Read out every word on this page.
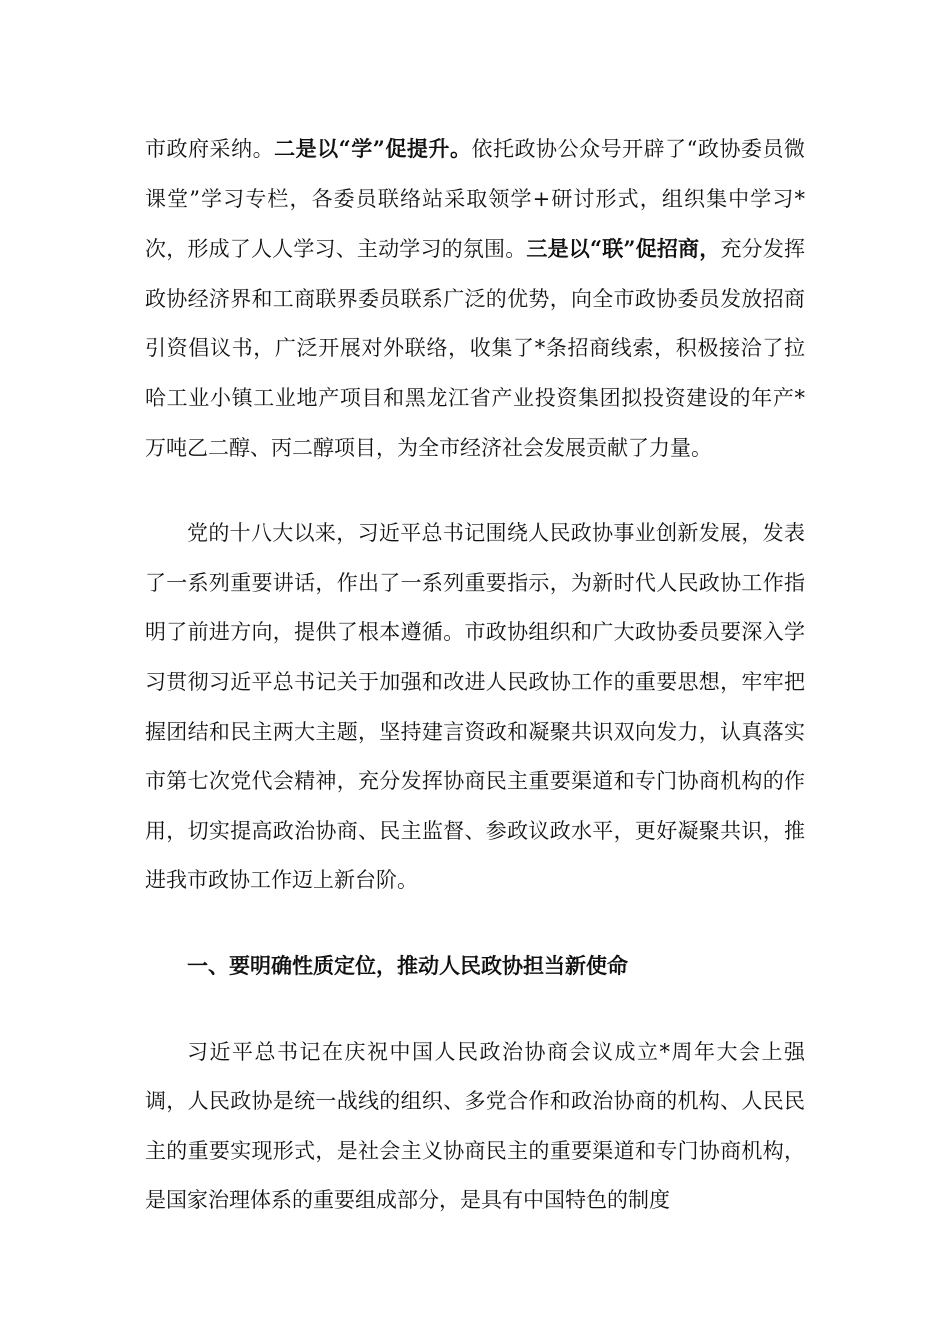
市政府采纳。二是以“学”促提升。依托政协公众号开辟了“政协委员微课堂”学习专栏，各委员联络站采取领学+研讨形式，组织集中学习*次，形成了人人学习、主动学习的氛围。三是以“联”促招商，充分发挥政协经济界和工商联界委员联系广泛的优势，向全市政协委员发放招商引资倡议书，广泛开展对外联络，收集了*条招商线索，积极接洽了拉哈工业小镇工业地产项目和黑龙江省产业投资集团拟投资建设的年产*万吨乙二醇、丙二醇项目，为全市经济社会发展贡献了力量。

党的十八大以来，习近平总书记围绕人民政协事业创新发展，发表了一系列重要讲话，作出了一系列重要指示，为新时代人民政协工作指明了前进方向，提供了根本遵循。市政协组织和广大政协委员要深入学习贯彻习近平总书记关于加强和改进人民政协工作的重要思想，牢牢把握团结和民主两大主题，坚持建言资政和凝聚共识双向发力，认真落实市第七次党代会精神，充分发挥协商民主重要渠道和专门协商机构的作用，切实提高政治协商、民主监督、参政议政水平，更好凝聚共识，推进我市政协工作迈上新台阶。

一、要明确性质定位，推动人民政协担当新使命

习近平总书记在庆祝中国人民政治协商会议成立*周年大会上强调，人民政协是统一战线的组织、多党合作和政治协商的机构、人民民主的重要实现形式，是社会主义协商民主的重要渠道和专门协商机构，是国家治理体系的重要组成部分，是具有中国特色的制度
